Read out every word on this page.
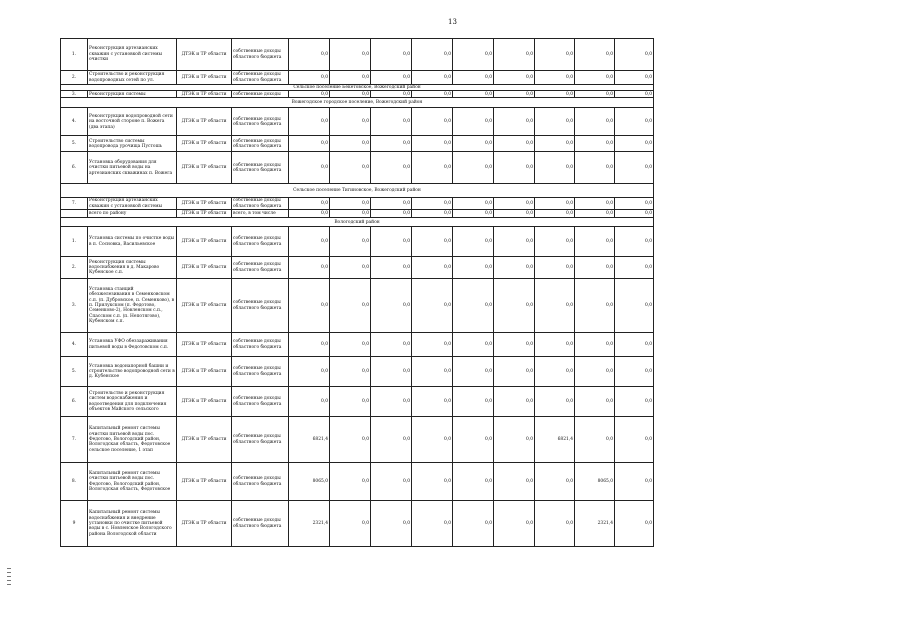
13
1.	Реконструкция артезианских скважин с установкой системы очистки	ДТЭК и ТР области	собственные доходы областного бюджета	0,0	0,0	0,0	0,0	0,0	0,0	0,0	0,0	0,0
2.	Строительство и реконструкция водопроводных сетей по ул.	ДТЭК и ТР области	собственные доходы областного бюджета	0,0	0,0	0,0	0,0	0,0	0,0	0,0	0,0	0,0
Сельское поселение Бекетовское, Вожегодский район												
3.	Реконструкция системы	ДТЭК и ТР области	собственные доходы	0,0	0,0	0,0	0,0	0,0	0,0	0,0	0,0	0,0
Вожегодское городское поселение, Вожегодский район												
4.	Реконструкция водопроводной сети на восточной стороне п. Вожега (два этапа)	ДТЭК и ТР области	собственные доходы областного бюджета	0,0	0,0	0,0	0,0	0,0	0,0	0,0	0,0	0,0
5.	Строительство системы водопровода урочища Пустошь	ДТЭК и ТР области	собственные доходы областного бюджета	0,0	0,0	0,0	0,0	0,0	0,0	0,0	0,0	0,0
6.	Установка оборудования для очистки питьевой воды на артезианских скважинах п. Вожега	ДТЭК и ТР области	собственные доходы областного бюджета	0,0	0,0	0,0	0,0	0,0	0,0	0,0	0,0	0,0
Сельское поселение Тигиновское, Вожегодский район												
7.	Реконструкция артезианских скважин с установкой системы	ДТЭК и ТР области	собственные доходы областного бюджета	0,0	0,0	0,0	0,0	0,0	0,0	0,0	0,0	0,0
	всего по району	ДТЭК и ТР области	всего, в том числе	0,0	0,0	0,0	0,0	0,0	0,0	0,0	0,0	0,0
Вологодский район												
1.	Установка системы по очистке воды в п. Сосновка, Васильевское	ДТЭК и ТР области	собственные доходы областного бюджета	0,0	0,0	0,0	0,0	0,0	0,0	0,0	0,0	0,0
2.	Реконструкция системы водоснабжения в д. Макарово Кубенское с.п.	ДТЭК и ТР области	собственные доходы областного бюджета	0,0	0,0	0,0	0,0	0,0	0,0	0,0	0,0	0,0
3.	Установка станций обезжелезивания в Семенковском с.п. (п. Дубровское, п. Семенково), в п. Прилукском (п. Федотово, Семенково-2), Новленском с.п., Спасском с.п. (п. Непотягово), Кубенском с.п.	ДТЭК и ТР области	собственные доходы областного бюджета	0,0	0,0	0,0	0,0	0,0	0,0	0,0	0,0	0,0
4.	Установка УФО обеззараживания питьевой воды в Федотовском с.п.	ДТЭК и ТР области	собственные доходы областного бюджета	0,0	0,0	0,0	0,0	0,0	0,0	0,0	0,0	0,0
5.	Установка водонапорной башни и строительство водопроводной сети в д. Кубенское	ДТЭК и ТР области	собственные доходы областного бюджета	0,0	0,0	0,0	0,0	0,0	0,0	0,0	0,0	0,0
6.	Строительство и реконструкция систем водоснабжения и водоотведения для подключения объектов Майского сельского	ДТЭК и ТР области	собственные доходы областного бюджета	0,0	0,0	0,0	0,0	0,0	0,0	0,0	0,0	0,0
7.	Капитальный ремонт системы очистки питьевой воды пос. Федотово, Вологодский район, Вологодская область, Федотовское сельское поселение, 1 этап	ДТЭК и ТР области	собственные доходы областного бюджета	6821,4	0,0	0,0	0,0	0,0	0,0	6821,4	0,0	0,0
8.	Капитальный ремонт системы очистки питьевой воды пос. Федотово, Вологодский район, Вологодская область, Федотовское	ДТЭК и ТР области	собственные доходы областного бюджета	8065,0	0,0	0,0	0,0	0,0	0,0	0,0	8065,0	0,0
9	Капитальный ремонт системы водоснабжения и внедрение установки по очистке питьевой воды в с. Новленское Вологодского района Вологодской области	ДТЭК и ТР области	собственные доходы областного бюджета	2321,4	0,0	0,0	0,0	0,0	0,0	0,0	2321,4	0,0
